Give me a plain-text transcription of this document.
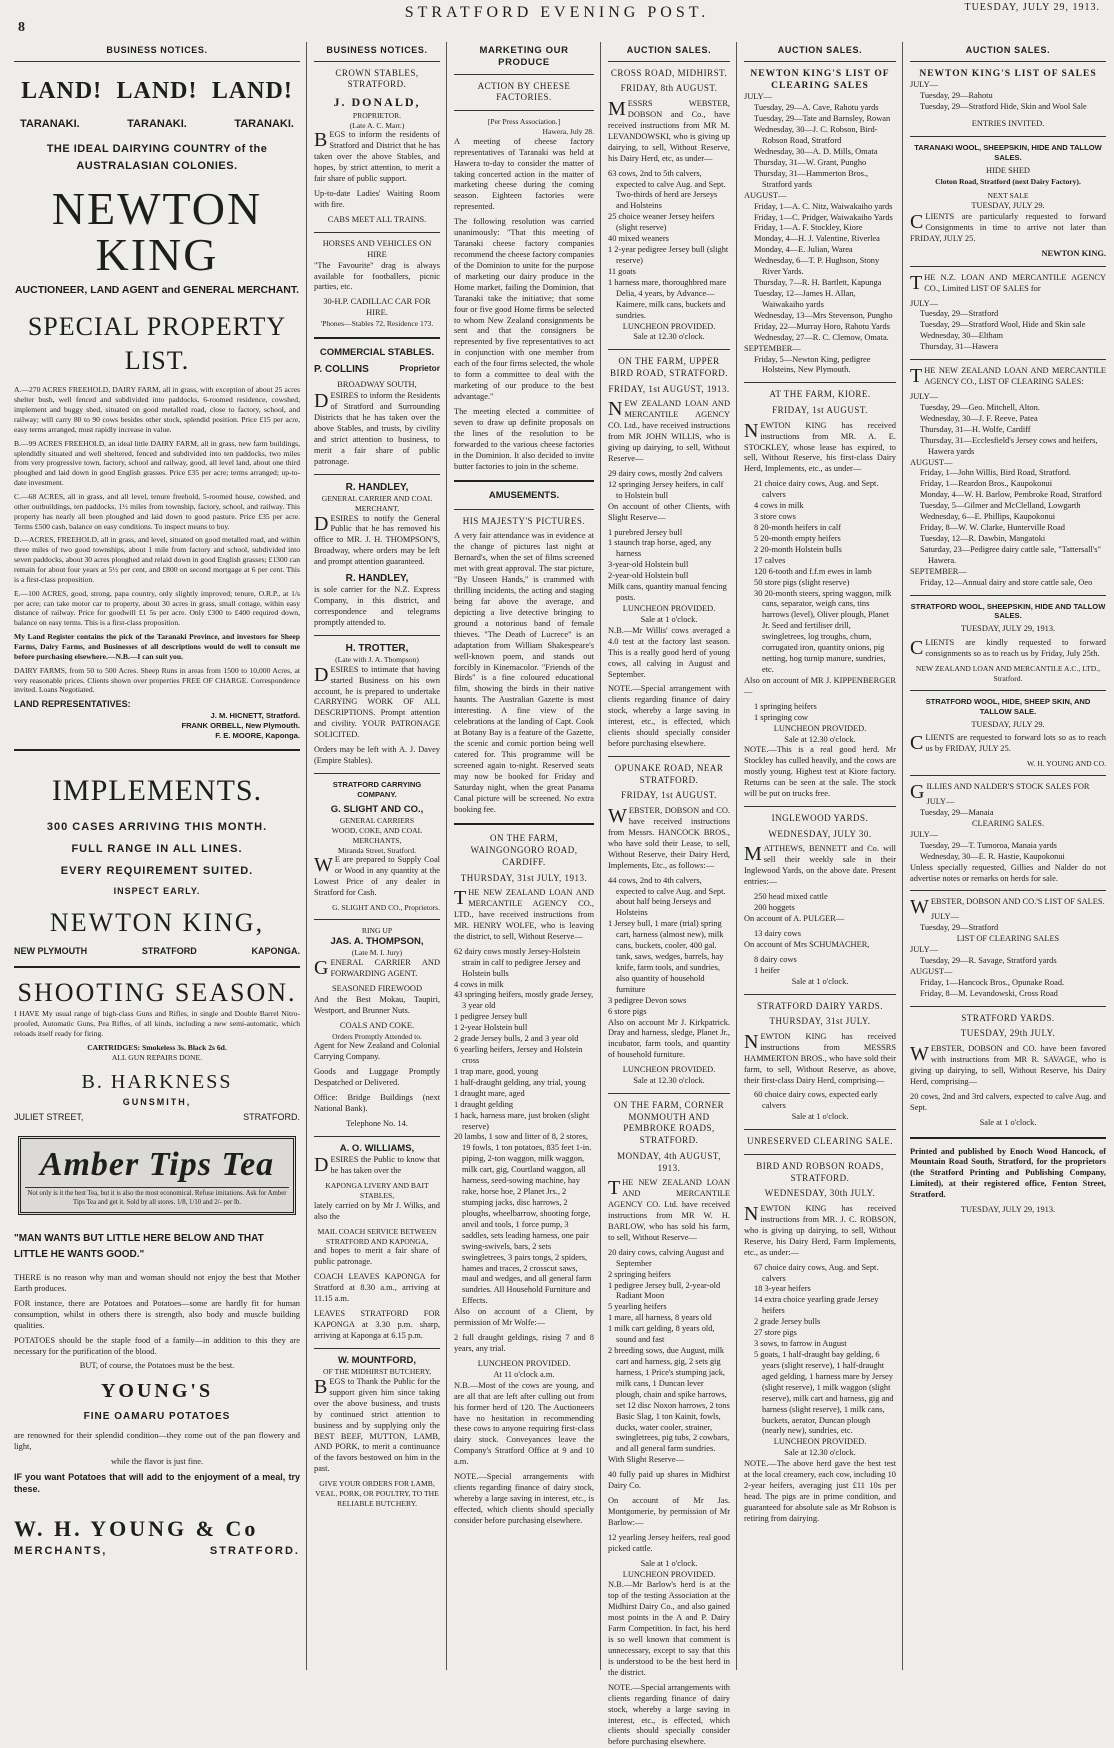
8
STRATFORD EVENING POST.	TUESDAY, JULY 29, 1913.
BUSINESS NOTICES.
LAND! LAND! LAND!
TARANAKI.	TARANAKI.	TARANAKI.
THE IDEAL DAIRYING COUNTRY of the AUSTRALASIAN COLONIES.
NEWTON KING
AUCTIONEER, LAND AGENT and GENERAL MERCHANT.
SPECIAL PROPERTY LIST.

A.—270 ACRES FREEHOLD, DAIRY FARM, all in grass, with exception of about 25 acres shelter bush, well fenced and subdivided into paddocks, 6-roomed residence, cowshed, implement and buggy shed, situated on good metalled road, close to factory, school, and railway; will carry 80 to 90 cows besides other stock, splendid position. Price £15 per acre, easy terms arranged, must rapidly increase in value.

B.—99 ACRES FREEHOLD, an ideal little DAIRY FARM, all in grass, new farm buildings, splendidly situated and well sheltered, fenced and subdivided into ten paddocks, two miles from very progressive town, factory, school and railway, good, all level land, about one third ploughed and laid down in good English grasses. Price £35 per acre; terms arranged; up-to-date investment.

C.—68 ACRES, all in grass, and all level, tenure freehold, 5-roomed house, cowshed, and other outbuildings, ten paddocks, 1½ miles from township, factory, school, and railway. This property has nearly all been ploughed and laid down to good pasture. Price £35 per acre. Terms £500 cash, balance on easy conditions. To inspect means to buy.

D.—ACRES, FREEHOLD, all in grass, and level, situated on good metalled road, and within three miles of two good townships, about 1 mile from factory and school, subdivided into seven paddocks, about 30 acres ploughed and relaid down in good English grasses; £1300 can remain for about four years at 5½ per cent, and £800 on second mortgage at 6 per cent. This is a first-class proposition.

E.—100 ACRES, good, strong, papa country, only slightly improved; tenure, O.R.P., at 1/s per acre; can take motor car to property, about 30 acres in grass, small cottage, within easy distance of railway. Price for goodwill £1 5s per acre. Only £300 to £400 required down, balance on easy terms. This is a first-class proposition.

My Land Register contains the pick of the Taranaki Province, and investors for Sheep Farms, Dairy Farms, and Businesses of all descriptions would do well to consult me before purchasing elsewhere.—N.B.—I can suit you.

DAIRY FARMS, from 50 to 500 Acres. Sheep Runs in areas from 1500 to 10,000 Acres, at very reasonable prices. Clients shown over properties FREE OF CHARGE. Correspondence invited. Loans Negotiated.

LAND REPRESENTATIVES:
J. M. HICNETT, Stratford.
FRANK ORBELL, New Plymouth.
F. E. MOORE, Kaponga.
IMPLEMENTS.
300 CASES ARRIVING THIS MONTH.
FULL RANGE IN ALL LINES.
EVERY REQUIREMENT SUITED.
INSPECT EARLY.
NEWTON KING,
NEW PLYMOUTH	STRATFORD	KAPONGA.
SHOOTING SEASON.

I HAVE My usual range of high-class Guns and Rifles, in single and Double Barrel Nitro-proofed, Automatic Guns, Pea Rifles, of all kinds, including a new semi-automatic, which reloads itself ready for firing.

CARTRIDGES: Smokeless 3s. Black 2s 6d.
ALL GUN REPAIRS DONE.
B. HARKNESS
GUNSMITH,
JULIET STREET,	STRATFORD.
Amber Tips Tea
Not only is it the best Tea, but it is also the most economical. Refuse imitations. Ask for Amber Tips Tea and get it. Sold by all stores. 1/8, 1/10 and 2/- per lb.
"MAN WANTS BUT LITTLE HERE BELOW AND THAT LITTLE HE WANTS GOOD."

THERE is no reason why man and woman should not enjoy the best that Mother Earth produces.

FOR instance, there are Potatoes and Potatoes—some are hardly fit for human consumption, whilst in others there is strength, also body and muscle building qualities.

POTATOES should be the staple food of a family—in addition to this they are necessary for the purification of the blood.

BUT, of course, the Potatoes must be the best.

YOUNG'S
FINE OAMARU POTATOES

are renowned for their splendid condition—they come out of the pan flowery and light,

while the flavor is just fine.

IF you want Potatoes that will add to the enjoyment of a meal, try these.

W. H. YOUNG & Co
MERCHANTS,	STRATFORD.
BUSINESS NOTICES.
CROWN STABLES, STRATFORD.
J. DONALD,
PROPRIETOR.
(Late A. C. Marr.)

BEGS to inform the residents of Stratford and District that he has taken over the above Stables, and hopes, by strict attention, to merit a fair share of public support.

Up-to-date Ladies' Waiting Room with fire.

CABS MEET ALL TRAINS.
HORSES AND VEHICLES ON HIRE

"The Favourite" drag is always available for footballers, picnic parties, etc.

30-H.P. CADILLAC CAR FOR HIRE.
'Phones—Stables 72, Residence 173.
COMMERCIAL STABLES.
P. COLLINS	Proprietor
BROADWAY SOUTH,

DESIRES to inform the Residents of Stratford and Surrounding Districts that he has taken over the above Stables, and trusts, by civility and strict attention to business, to merit a fair share of public patronage.

R. HANDLEY,
GENERAL CARRIER AND COAL MERCHANT,

DESIRES to notify the General Public that he has removed his office to MR. J. H. THOMPSON'S, Broadway, where orders may be left and prompt attention guaranteed.

R. HANDLEY,

is sole carrier for the N.Z. Express Company, in this district, and correspondence and telegrams promptly attended to.

H. TROTTER,
(Late with J. A. Thompson)

DESIRES to intimate that having started Business on his own account, he is prepared to undertake CARRYING WORK OF ALL DESCRIPTIONS. Prompt attention and civility. YOUR PATRONAGE SOLICITED.

Orders may be left with A. J. Davey (Empire Stables).

STRATFORD CARRYING COMPANY.
G. SLIGHT AND CO.,
GENERAL CARRIERS
WOOD, COKE, AND COAL MERCHANTS,
Miranda Street, Stratford.

WE are prepared to Supply Coal or Wood in any quantity at the Lowest Price of any dealer in Stratford for Cash.

G. SLIGHT AND CO., Proprietors.
RING UP
JAS. A. THOMPSON,
(Late M. I. Jury)

GENERAL CARRIER AND FORWARDING AGENT.

SEASONED FIREWOOD

And the Best Mokau, Taupiri, Westport, and Brunner Nuts.

COALS AND COKE.
Orders Promptly Attended to.

Agent for New Zealand and Colonial Carrying Company.

Goods and Luggage Promptly Despatched or Delivered.

Office: Bridge Buildings (next National Bank).

Telephone No. 14.
A. O. WILLIAMS,

DESIRES the Public to know that he has taken over the

KAPONGA LIVERY AND BAIT STABLES,

lately carried on by Mr J. Wilks, and also the

MAIL COACH SERVICE BETWEEN STRATFORD AND KAPONGA,

and hopes to merit a fair share of public patronage.

COACH LEAVES KAPONGA for Stratford at 8.30 a.m., arriving at 11.15 a.m.

LEAVES STRATFORD FOR KAPONGA at 3.30 p.m. sharp, arriving at Kaponga at 6.15 p.m.

W. MOUNTFORD,
OF THE MIDHIRST BUTCHERY,

BEGS to Thank the Public for the support given him since taking over the above business, and trusts by continued strict attention to business and by supplying only the BEST BEEF, MUTTON, LAMB, AND PORK, to merit a continuance of the favors bestowed on him in the past.

GIVE YOUR ORDERS FOR LAMB, VEAL, PORK, OR POULTRY, TO THE RELIABLE BUTCHERY.
MARKETING OUR PRODUCE
ACTION BY CHEESE FACTORIES.
[Per Press Association.]
Hawera, July 28.

A meeting of cheese factory representatives of Taranaki was held at Hawera to-day to consider the matter of taking concerted action in the matter of marketing cheese during the coming season. Eighteen factories were represented.

The following resolution was carried unanimously: "That this meeting of Taranaki cheese factory companies recommend the cheese factory companies of the Dominion to unite for the purpose of marketing our dairy produce in the Home market, failing the Dominion, that Taranaki take the initiative; that some four or five good Home firms be selected to whom New Zealand consignments be sent and that the consigners be represented by five representatives to act in conjunction with one member from each of the four firms selected, the whole to form a committee to deal with the marketing of our produce to the best advantage."

The meeting elected a committee of seven to draw up definite proposals on the lines of the resolution to be forwarded to the various cheese factories in the Dominion. It also decided to invite butter factories to join in the scheme.

AMUSEMENTS.
HIS MAJESTY'S PICTURES.

A very fair attendance was in evidence at the change of pictures last night at Bernard's, when the set of films screened met with great approval. The star picture, "By Unseen Hands," is crammed with thrilling incidents, the acting and staging being far above the average, and depicting a live detective bringing to ground a notorious band of female thieves. "The Death of Lucrece" is an adaptation from William Shakespeare's well-known poem, and stands out forcibly in Kinemacolor. "Friends of the Birds" is a fine coloured educational film, showing the birds in their native haunts. The Australian Gazette is most interesting. A fine view of the celebrations at the landing of Capt. Cook at Botany Bay is a feature of the Gazette, the scenic and comic portion being well catered for. This programme will be screened again to-night. Reserved seats may now be booked for Friday and Saturday night, when the great Panama Canal picture will be screened. No extra booking fee.

ON THE FARM, WAINGONGORO ROAD, CARDIFF.
THURSDAY, 31st JULY, 1913.

THE NEW ZEALAND LOAN AND MERCANTILE AGENCY CO., LTD., have received instructions from MR. HENRY WOLFE, who is leaving the district, to sell, Without Reserve—

62 dairy cows mostly Jersey-Holstein strain in calf to pedigree Jersey and Holstein bulls
4 cows in milk
43 springing heifers, mostly grade Jersey, 3 year old
1 pedigree Jersey bull
1 2-year Holstein bull
2 grade Jersey bulls, 2 and 3 year old
6 yearling heifers, Jersey and Holstein cross
1 trap mare, good, young
1 half-draught gelding, any trial, young
1 draught mare, aged
1 draught gelding
1 hack, harness mare, just broken (slight reserve)
20 lambs, 1 sow and litter of 8, 2 stores, 19 fowls, 1 ton potatoes, 835 feet 1-in. piping, 2-ton waggon, milk waggon, milk cart, gig, Courtland waggon, all harness, seed-sowing machine, hay rake, horse hoe, 2 Planet Jrs., 2 stumping jacks, disc harrows, 2 ploughs, wheelbarrow, shooting forge, anvil and tools, 1 force pump, 3 saddles, sets leading harness, one pair swing-swivels, bars, 2 sets swingletrees, 3 pairs tongs, 2 spiders, hames and traces, 2 crosscut saws, maul and wedges, and all general farm sundries. All Household Furniture and Effects.

Also on account of a Client, by permission of Mr Wolfe:—

2 full draught geldings, rising 7 and 8 years, any trial.

LUNCHEON PROVIDED.
At 11 o'clock a.m.

N.B.—Most of the cows are young, and are all that are left after culling out from his former herd of 120. The Auctioneers have no hesitation in recommending these cows to anyone requiring first-class dairy stock. Conveyances leave the Company's Stratford Office at 9 and 10 a.m.

NOTE.—Special arrangements with clients regarding finance of dairy stock, whereby a large saving in interest, etc., is effected, which clients should specially consider before purchasing elsewhere.

AUCTION SALES.
CROSS ROAD, MIDHIRST.
FRIDAY, 8th AUGUST.

MESSRS WEBSTER, DOBSON and Co., have received instructions from MR M. LEVANDOWSKI, who is giving up dairying, to sell, Without Reserve, his Dairy Herd, etc, as under—

63 cows, 2nd to 5th calvers, expected to calve Aug. and Sept. Two-thirds of herd are Jerseys and Holsteins
25 choice weaner Jersey heifers (slight reserve)
40 mixed weaners
1 2-year pedigree Jersey bull (slight reserve)
11 goats
1 harness mare, thoroughbred mare Delia, 4 years, by Advance—Kaimere, milk cans, buckets and sundries.
LUNCHEON PROVIDED.
Sale at 12.30 o'clock.
ON THE FARM, UPPER BIRD ROAD, STRATFORD.
FRIDAY, 1st AUGUST, 1913.

NEW ZEALAND LOAN AND MERCANTILE AGENCY CO. Ltd., have received instructions from MR JOHN WILLIS, who is giving up dairying, to sell, Without Reserve—

29 dairy cows, mostly 2nd calvers
12 springing Jersey heifers, in calf to Holstein bull

On account of other Clients, with Slight Reserve—

1 purebred Jersey bull
1 staunch trap horse, aged, any harness
3-year-old Holstein bull
2-year-old Holstein bull
Milk cans, quantity manual fencing posts.
LUNCHEON PROVIDED.
Sale at 1 o'clock.

N.B.—Mr Willis' cows averaged a 4.0 test at the factory last season. This is a really good herd of young cows, all calving in August and September.

NOTE.—Special arrangement with clients regarding finance of dairy stock, whereby a large saving in interest, etc., is effected, which clients should specially consider before purchasing elsewhere.

OPUNAKE ROAD, NEAR STRATFORD.
FRIDAY, 1st AUGUST.

WEBSTER, DOBSON and CO. have received instructions from Messrs. HANCOCK BROS., who have sold their Lease, to sell, Without Reserve, their Dairy Herd, Implements, Etc., as follows:—

44 cows, 2nd to 4th calvers, expected to calve Aug. and Sept. about half being Jerseys and Holsteins
1 Jersey bull, 1 mare (trial) spring cart, harness (almost new), milk cans, buckets, cooler, 400 gal. tank, saws, wedges, barrels, hay knife, farm tools, and sundries, also quantity of household furniture
3 pedigree Devon sows
6 store pigs

Also on account Mr J. Kirkpatrick. Dray and harness, sledge, Planet Jr., incubator, farm tools, and quantity of household furniture.

LUNCHEON PROVIDED.
Sale at 12.30 o'clock.
ON THE FARM, CORNER MONMOUTH AND PEMBROKE ROADS, STRATFORD.
MONDAY, 4th AUGUST, 1913.

THE NEW ZEALAND LOAN AND MERCANTILE AGENCY CO. Ltd. have received instructions from MR W. H. BARLOW, who has sold his farm, to sell, Without Reserve—

20 dairy cows, calving August and September
2 springing heifers
1 pedigree Jersey bull, 2-year-old Radiant Moon
5 yearling heifers
1 mare, all harness, 8 years old
1 milk cart gelding, 8 years old, sound and fast
2 breeding sows, due August, milk cart and harness, gig, 2 sets gig harness, 1 Price's stumping jack, milk cans, 1 Duncan lever plough, chain and spike harrows, set 12 disc Noxon harrows, 2 tons Basic Slag, 1 ton Kainit, fowls, ducks, water cooler, strainer, swingletrees, pig tubs, 2 cowbars, and all general farm sundries.

With Slight Reserve—

40 fully paid up shares in Midhirst Dairy Co.

On account of Mr Jas. Montgomerie, by permission of Mr Barlow:—

12 yearling Jersey heifers, real good picked cattle.

Sale at 1 o'clock.
LUNCHEON PROVIDED.

N.B.—Mr Barlow's herd is at the top of the testing Association at the Midhirst Dairy Co., and also gained most points in the A and P. Dairy Farm Competition. In fact, his herd is so well known that comment is unnecessary, except to say that this is understood to be the best herd in the district.

NOTE.—Special arrangements with clients regarding finance of dairy stock, whereby a large saving in interest, etc., is effected, which clients should specially consider before purchasing elsewhere.

AUCTION SALES.
NEWTON KING'S LIST OF CLEARING SALES
JULY—
Tuesday, 29—A. Cave, Rahotu yards
Tuesday, 29—Tate and Barnsley, Rowan
Wednesday, 30—J. C. Robson, Bird-Robson Road, Stratford
Wednesday, 30—A. D. Mills, Omata
Thursday, 31—W. Grant, Pungho
Thursday, 31—Hammerton Bros., Stratford yards
AUGUST—
Friday, 1—A. C. Nitz, Waiwakaiho yards
Friday, 1—C. Pridger, Waiwakaiho Yards
Friday, 1—A. F. Stockley, Kiore
Monday, 4—H. J. Valentine, Riverlea
Monday, 4—E. Julian, Warea
Wednesday, 6—T. P. Hughson, Stony River Yards.
Thursday, 7—R. H. Bartlett, Kapunga
Tuesday, 12—James H. Allan, Waiwakaiho yards
Wednesday, 13—Mrs Stevenson, Pungho
Friday, 22—Murray Horo, Rahotu Yards
Wednesday, 27—R. C. Clemow, Omata.
SEPTEMBER—
Friday, 5—Newton King, pedigree Holsteins, New Plymouth.
AT THE FARM, KIORE.
FRIDAY, 1st AUGUST.

NEWTON KING has received instructions from MR. A. E. STOCKLEY, whose lease has expired, to sell, Without Reserve, his first-class Dairy Herd, Implements, etc., as under—

21 choice dairy cows, Aug. and Sept. calvers
4 cows in milk
3 store cows
8 20-month heifers in calf
5 20-month empty heifers
2 20-month Holstein bulls
17 calves
120 6-tooth and f.f.m ewes in lamb
50 store pigs (slight reserve)
30 20-month steers, spring waggon, milk cans, separator, weigh cans, tins harrows (level), Oliver plough, Planet Jr. Seed and fertiliser drill, swingletrees, log troughs, churn, corrugated iron, quantity onions, pig netting, hog turnip manure, sundries, etc.

Also on account of MR J. KIPPENBERGER—

1 springing heifers
1 springing cow
LUNCHEON PROVIDED.
Sale at 12.30 o'clock.

NOTE.—This is a real good herd. Mr Stockley has culled heavily, and the cows are mostly young. Highest test at Kiore factory. Returns can be seen at the sale. The stock will be put on trucks free.

INGLEWOOD YARDS.
WEDNESDAY, JULY 30.

MATTHEWS, BENNETT and Co. will sell their weekly sale in their Inglewood Yards, on the above date. Present entries:—

250 head mixed cattle
200 hoggets

On account of A. PULGER—

13 dairy cows

On account of Mrs SCHUMACHER,

8 dairy cows
1 heifer
Sale at 1 o'clock.
STRATFORD DAIRY YARDS.
THURSDAY, 31st JULY.

NEWTON KING has received instructions from MESSRS HAMMERTON BROS., who have sold their farm, to sell, Without Reserve, as above, their first-class Dairy Herd, comprising—

60 choice dairy cows, expected early calvers
Sale at 1 o'clock.
UNRESERVED CLEARING SALE.
BIRD AND ROBSON ROADS, STRATFORD.
WEDNESDAY, 30th JULY.

NEWTON KING has received instructions from MR. J. C. ROBSON, who is giving up dairying, to sell, Without Reserve, his Dairy Herd, Farm Implements, etc., as under:—

67 choice dairy cows, Aug. and Sept. calvers
18 3-year heifers
14 extra choice yearling grade Jersey heifers
2 grade Jersey bulls
27 store pigs
3 sows, to farrow in August
5 goats, 1 half-draught bay gelding, 6 years (slight reserve), 1 half-draught aged gelding, 1 harness mare by Jersey (slight reserve), 1 milk waggon (slight reserve), milk cart and harness, gig and harness (slight reserve), 1 milk cans, buckets, aerator, Duncan plough (nearly new), sundries, etc.
LUNCHEON PROVIDED.
Sale at 12.30 o'clock.

NOTE.—The above herd gave the best test at the local creamery, each cow, including 10 2-year heifers, averaging just £11 10s per head. The pigs are in prime condition, and guaranteed for absolute sale as Mr Robson is retiring from dairying.

AUCTION SALES.
NEWTON KING'S LIST OF SALES
JULY—
Tuesday, 29—Rahotu
Tuesday, 29—Stratford Hide, Skin and Wool Sale
ENTRIES INVITED.
TARANAKI WOOL, SHEEPSKIN, HIDE AND TALLOW SALES.
HIDE SHED
Cloton Road, Stratford (next Dairy Factory).
NEXT SALE
TUESDAY, JULY 29.

CLIENTS are particularly requested to forward Consignments in time to arrive not later than FRIDAY, JULY 25.

NEWTON KING.

THE N.Z. LOAN AND MERCANTILE AGENCY CO., Limited LIST OF SALES for

JULY—
Tuesday, 29—Stratford
Tuesday, 29—Stratford Wool, Hide and Skin sale
Wednesday, 30—Eltham
Thursday, 31—Hawera

THE NEW ZEALAND LOAN AND MERCANTILE AGENCY CO., LIST OF CLEARING SALES:

JULY—
Tuesday, 29—Geo. Mitchell, Alton.
Wednesday, 30—J. F. Reeve, Patea
Thursday, 31—H. Wolfe, Cardiff
Thursday, 31—Ecclesfield's Jersey cows and heifers, Hawera yards
AUGUST—
Friday, 1—John Willis, Bird Road, Stratford.
Friday, 1—Reardon Bros., Kaupokonui
Monday, 4—W. H. Barlow, Pembroke Road, Stratford
Tuesday, 5—Gilmer and McClelland, Lowgarth
Wednesday, 6—E. Phillips, Kaupokonui
Friday, 8—W. W. Clarke, Hunterville Road
Tuesday, 12—R. Dawbin, Mangatoki
Saturday, 23—Pedigree dairy cattle sale, "Tattersall's" Hawera.
SEPTEMBER—
Friday, 12—Annual dairy and store cattle sale, Oeo
STRATFORD WOOL, SHEEPSKIN, HIDE AND TALLOW SALES.
TUESDAY, JULY 29, 1913.

CLIENTS are kindly requested to forward consignments so as to reach us by Friday, July 25th.

NEW ZEALAND LOAN AND MERCANTILE A.C., LTD., Stratford.
STRATFORD WOOL, HIDE, SHEEP SKIN, AND TALLOW SALE.
TUESDAY, JULY 29.

CLIENTS are requested to forward lots so as to reach us by FRIDAY, JULY 25.

W. H. YOUNG AND CO.

GILLIES AND NALDER'S STOCK SALES FOR

JULY—
Tuesday, 29—Manaia
CLEARING SALES.
JULY—
Tuesday, 29—T. Tumoroa, Manaia yards
Wednesday, 30—E. R. Hastie, Kaupokonui

Unless specially requested, Gillies and Nalder do not advertise notes or remarks on herds for sale.

WEBSTER, DOBSON AND CO.'S LIST OF SALES.

JULY—
Tuesday, 29—Stratford
LIST OF CLEARING SALES
JULY—
Tuesday, 29—R. Savage, Stratford yards
AUGUST—
Friday, 1—Hancock Bros., Opunake Road.
Friday, 8—M. Levandowski, Cross Road
STRATFORD YARDS.
TUESDAY, 29th JULY.

WEBSTER, DOBSON and CO. have been favored with instructions from MR R. SAVAGE, who is giving up dairying, to sell, Without Reserve, his Dairy Herd, comprising—

20 cows, 2nd and 3rd calvers, expected to calve Aug. and Sept.

Sale at 1 o'clock.

Printed and published by Enoch Wood Hancock, of Mountain Road South, Stratford, for the proprietors (the Stratford Printing and Publishing Company, Limited), at their registered office, Fenton Street, Stratford.

TUESDAY, JULY 29, 1913.
